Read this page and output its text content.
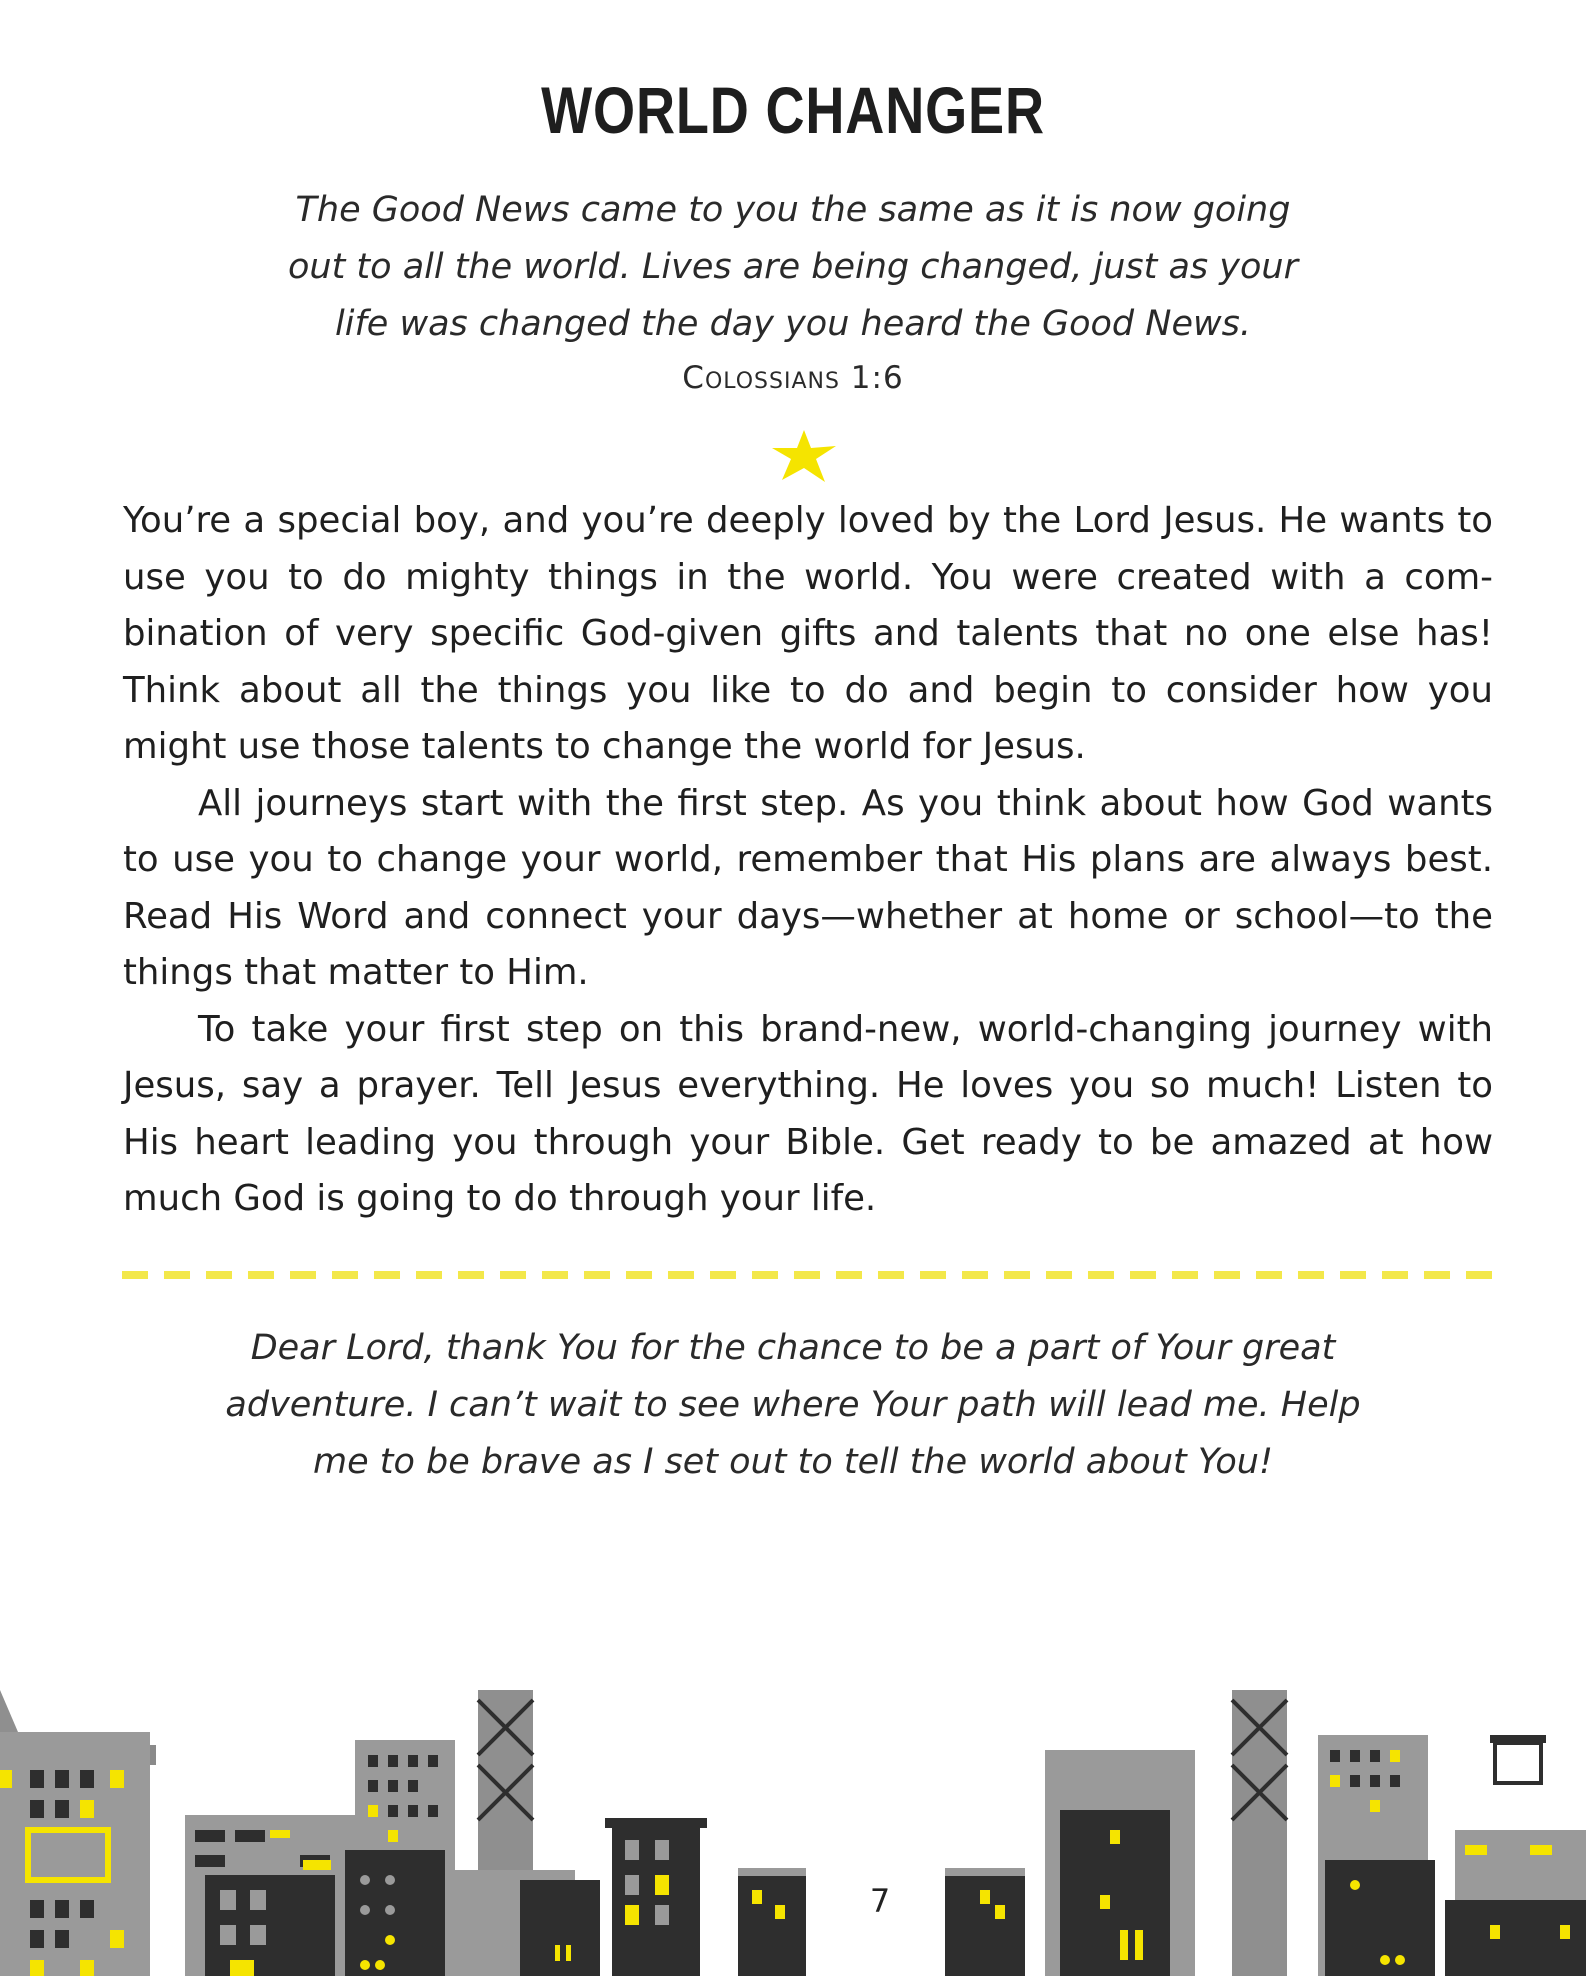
WORLD CHANGER

The Good News came to you the same as it is now going

out to all the world. Lives are being changed, just as your

life was changed the day you heard the Good News.

Colossians 1:6

You’re a special boy, and you’re deeply loved by the Lord Jesus. He wants to use you to do mighty things in the world. You were created with a com- bination of very specific God-given gifts and talents that no one else has! Think about all the things you like to do and begin to consider how you might use those talents to change the world for Jesus.

All journeys start with the first step. As you think about how God wants to use you to change your world, remember that His plans are always best. Read His Word and connect your days—whether at home or school—to the things that matter to Him.

To take your first step on this brand-new, world-changing journey with Jesus, say a prayer. Tell Jesus everything. He loves you so much! Listen to His heart leading you through your Bible. Get ready to be amazed at how much God is going to do through your life.

Dear Lord, thank You for the chance to be a part of Your great

adventure. I can’t wait to see where Your path will lead me. Help

me to be brave as I set out to tell the world about You!

7
